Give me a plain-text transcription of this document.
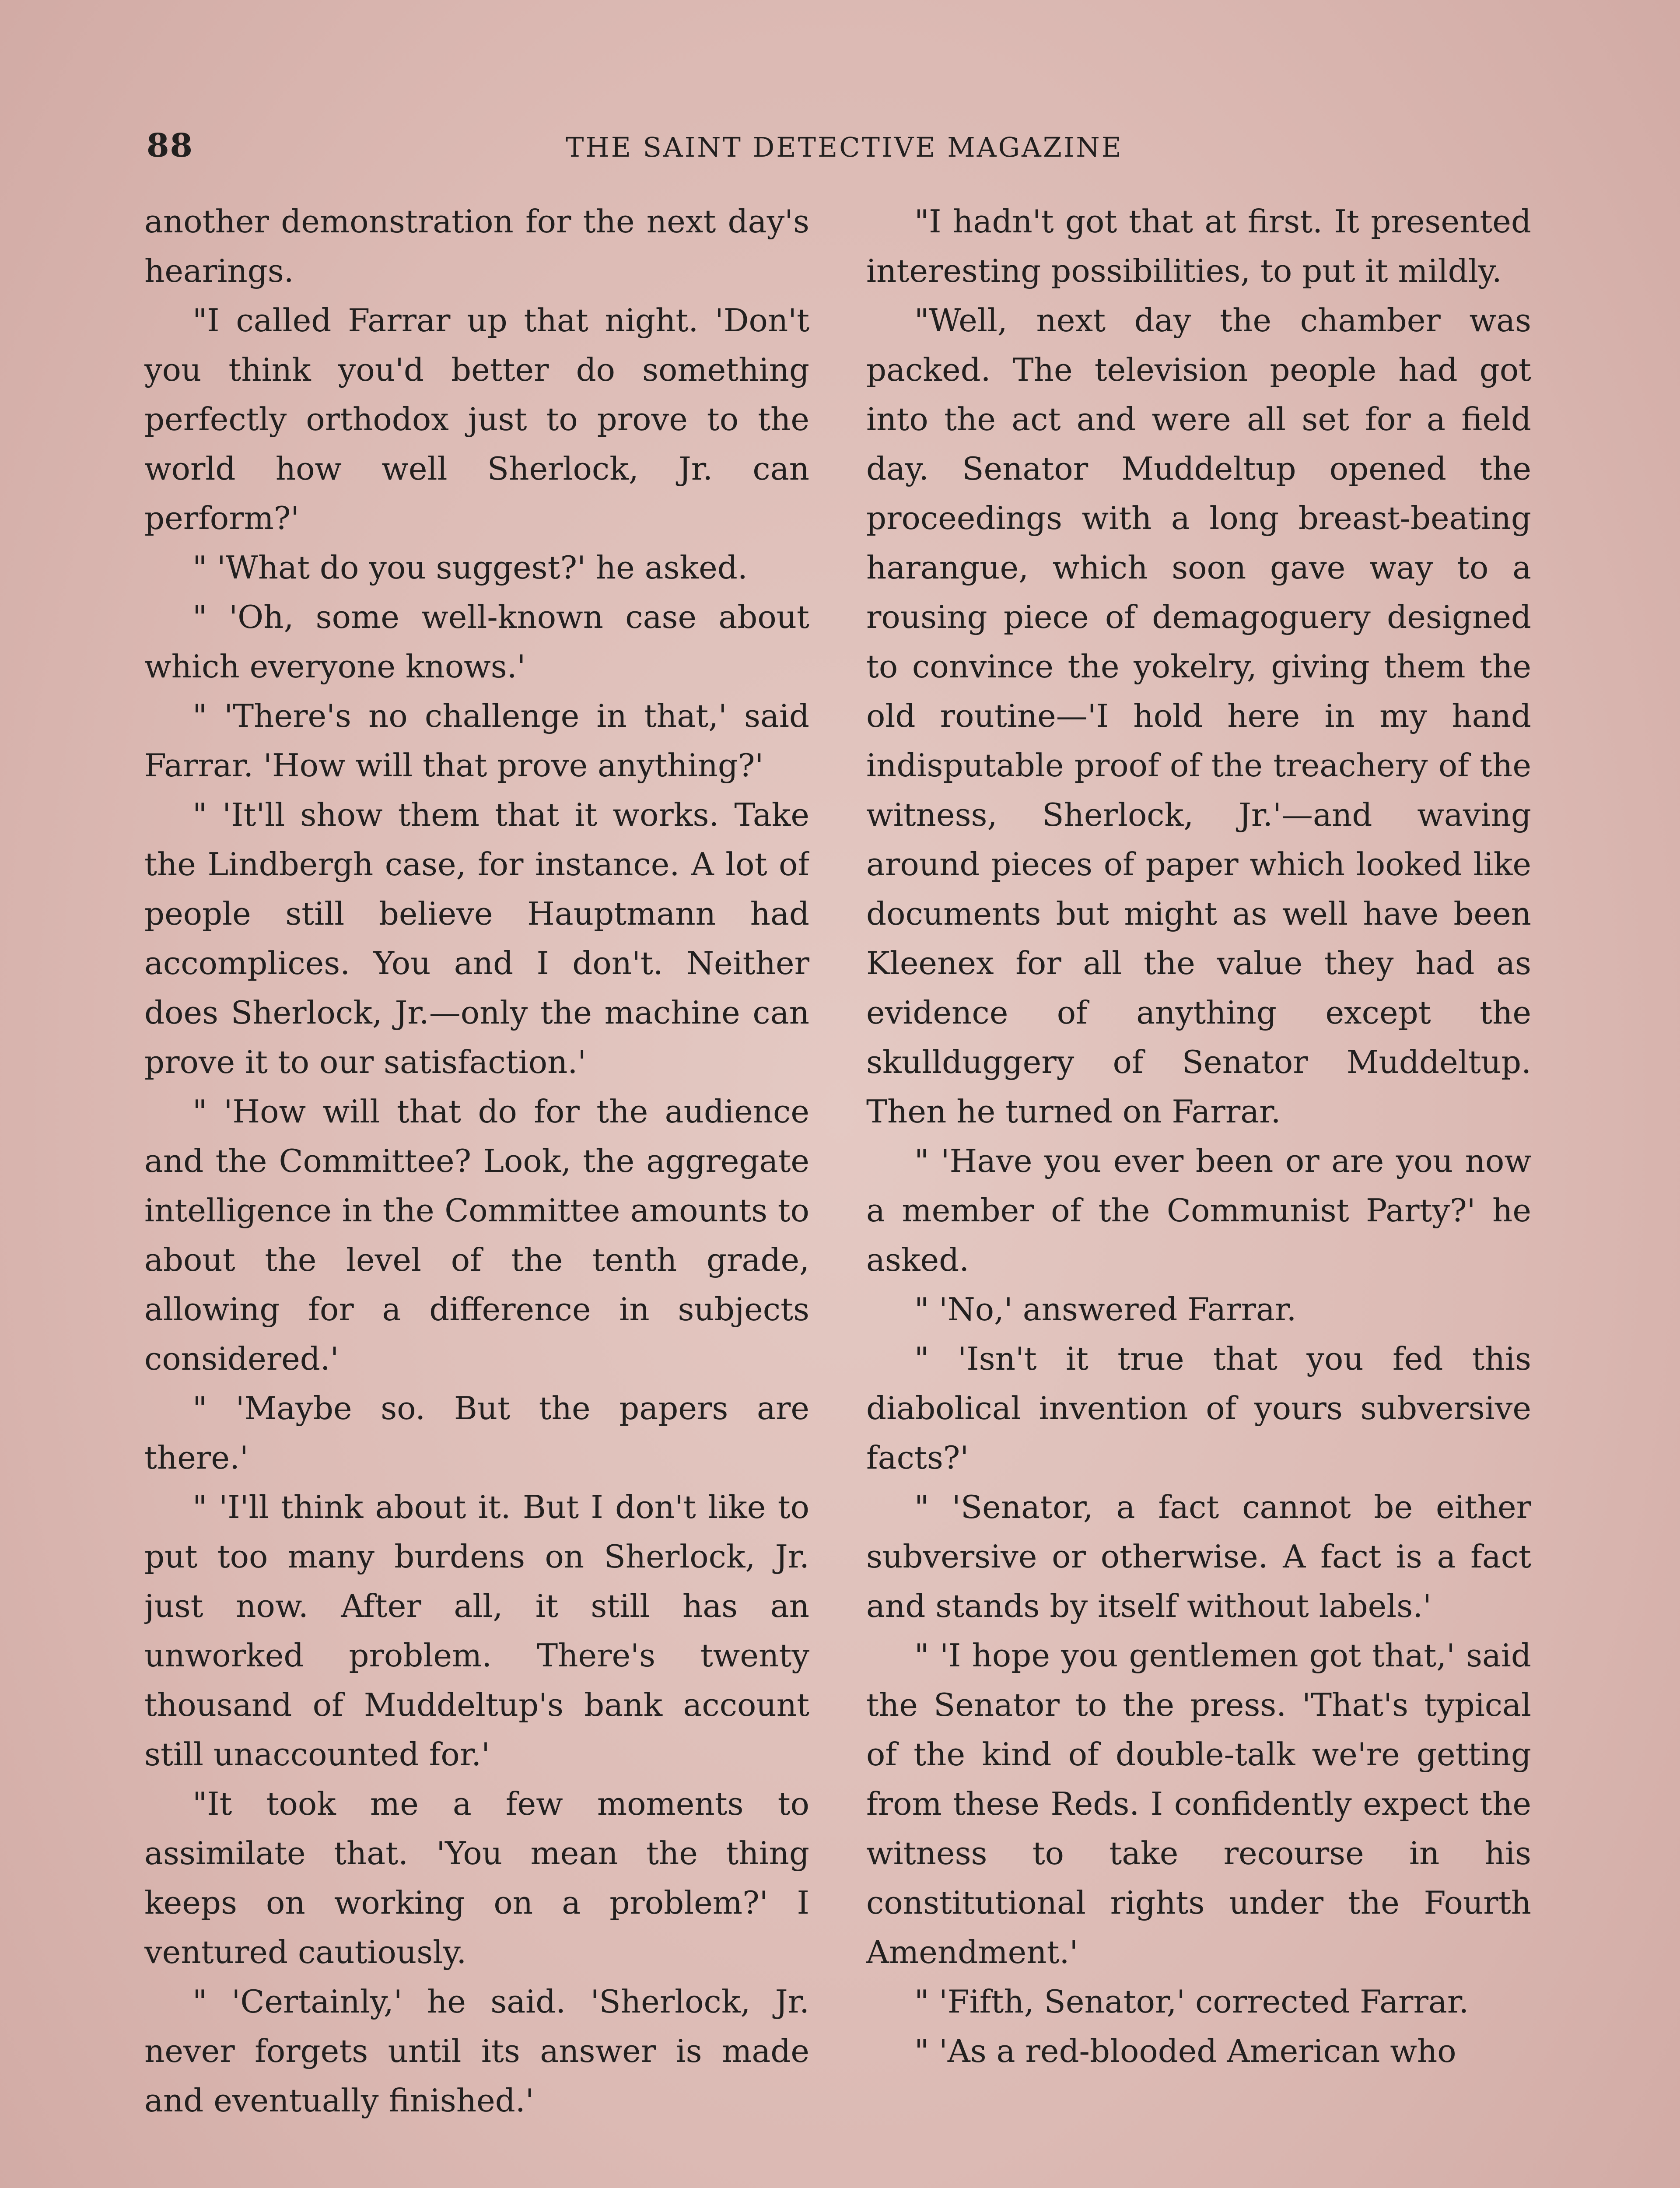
88	THE SAINT DETECTIVE MAGAZINE

another demonstration for the next day's hearings.

"I called Farrar up that night. 'Don't you think you'd better do something perfectly orthodox just to prove to the world how well Sherlock, Jr. can perform?'

" 'What do you suggest?' he asked.

" 'Oh, some well-known case about which everyone knows.'

" 'There's no challenge in that,' said Farrar. 'How will that prove anything?'

" 'It'll show them that it works. Take the Lindbergh case, for instance. A lot of people still believe Hauptmann had accomplices. You and I don't. Neither does Sherlock, Jr.—only the machine can prove it to our satisfaction.'

" 'How will that do for the audience and the Committee? Look, the aggregate intelligence in the Committee amounts to about the level of the tenth grade, allowing for a difference in subjects considered.'

" 'Maybe so. But the papers are there.'

" 'I'll think about it. But I don't like to put too many burdens on Sherlock, Jr. just now. After all, it still has an unworked problem. There's twenty thousand of Muddeltup's bank account still unaccounted for.'

"It took me a few moments to assimilate that. 'You mean the thing keeps on working on a problem?' I ventured cautiously.

" 'Certainly,' he said. 'Sherlock, Jr. never forgets until its answer is made and eventually finished.'

"I hadn't got that at first. It presented interesting possibilities, to put it mildly.

"Well, next day the chamber was packed. The television people had got into the act and were all set for a field day. Senator Muddeltup opened the proceedings with a long breast-beating harangue, which soon gave way to a rousing piece of demagoguery designed to convince the yokelry, giving them the old routine—'I hold here in my hand indisputable proof of the treachery of the witness, Sherlock, Jr.'—and waving around pieces of paper which looked like documents but might as well have been Kleenex for all the value they had as evidence of anything except the skullduggery of Senator Muddeltup. Then he turned on Farrar.

" 'Have you ever been or are you now a member of the Communist Party?' he asked.

" 'No,' answered Farrar.

" 'Isn't it true that you fed this diabolical invention of yours subversive facts?'

" 'Senator, a fact cannot be either subversive or otherwise. A fact is a fact and stands by itself without labels.'

" 'I hope you gentlemen got that,' said the Senator to the press. 'That's typical of the kind of double-talk we're getting from these Reds. I confidently expect the witness to take recourse in his constitutional rights under the Fourth Amendment.'

" 'Fifth, Senator,' corrected Farrar.

" 'As a red-blooded American who
